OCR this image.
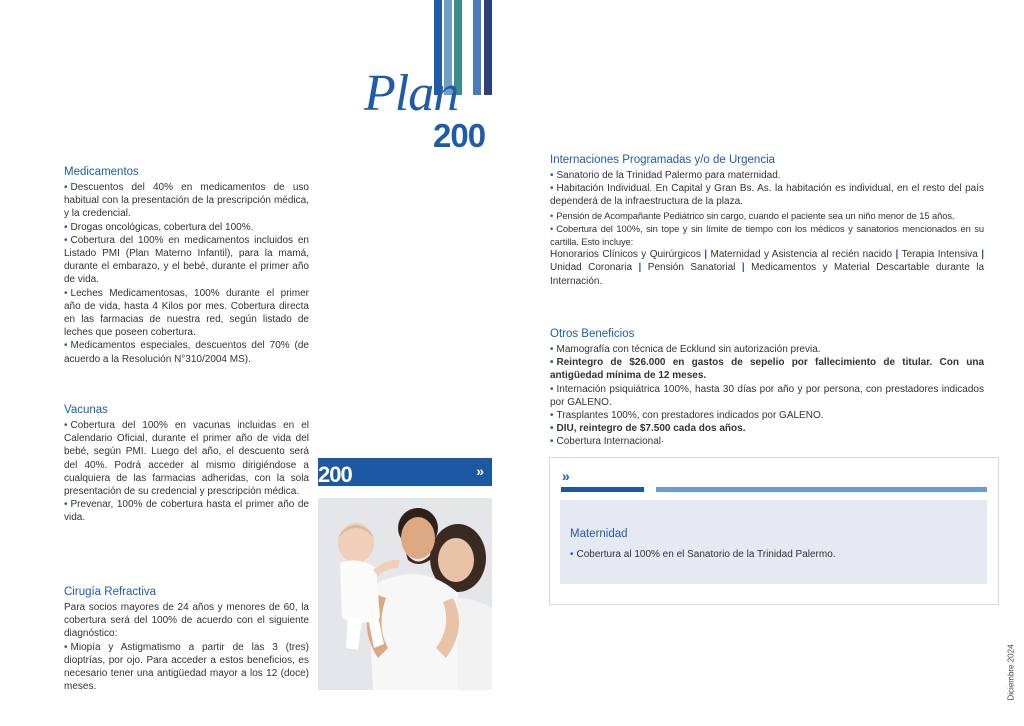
Plan
200
Medicamentos

• Descuentos del 40% en medicamentos de uso habitual con la presentación de la prescripción médica, y la credencial.

• Drogas oncológicas, cobertura del 100%.

• Cobertura del 100% en medicamentos incluidos en Listado PMI (Plan Materno Infantil), para la mamá, durante el embarazo, y el bebé, durante el primer año de vida.

• Leches Medicamentosas, 100% durante el primer año de vida, hasta 4 Kilos por mes. Cobertura directa en las farmacias de nuestra red, según listado de leches que poseen cobertura.

• Medicamentos especiales, descuentos del 70% (de acuerdo a la Resolución N°310/2004 MS).

Vacunas

• Cobertura del 100% en vacunas incluidas en el Calendario Oficial, durante el primer año de vida del bebé, según PMI. Luego del año, el descuento será del 40%. Podrá acceder al mismo dirigiéndose a cualquiera de las farmacias adheridas, con la sola presentación de su credencial y prescripción médica.

• Prevenar, 100% de cobertura hasta el primer año de vida.

Cirugía Refractiva

Para socios mayores de 24 años y menores de 60, la cobertura será del 100% de acuerdo con el siguiente diagnóstico:

• Miopía y Astigmatismo a partir de las 3 (tres) dioptrías, por ojo. Para acceder a estos beneficios, es necesario tener una antigüedad mayor a los 12 (doce) meses.

200	»
Internaciones Programadas y/o de Urgencia

• Sanatorio de la Trinidad Palermo para maternidad.

• Habitación Individual. En Capital y Gran Bs. As. la habitación es individual, en el resto del país dependerá de la infraestructura de la plaza.

• Pensión de Acompañante Pediátrico sin cargo, cuando el paciente sea un niño menor de 15 años.

• Cobertura del 100%, sin tope y sin límite de tiempo con los médicos y sanatorios mencionados en su cartilla. Esto incluye:

Honorarios Clínicos y Quirúrgicos | Maternidad y Asistencia al recién nacido | Terapia Intensiva | Unidad Coronaria | Pensión Sanatorial | Medicamentos y Material Descartable durante la Internación.

Otros Beneficios

• Mamografía con técnica de Ecklund sin autorización previa.

• Reintegro de $26.000 en gastos de sepelio por fallecimiento de titular. Con una antigüedad mínima de 12 meses.

• Internación psiquiátrica 100%, hasta 30 días por año y por persona, con prestadores indicados por GALENO.

• Trasplantes 100%, con prestadores indicados por GALENO.

• DIU, reintegro de $7.500 cada dos años.

• Cobertura Internacional·

»
Maternidad

• Cobertura al 100% en el Sanatorio de la Trinidad Palermo.

Diciembre 2024
